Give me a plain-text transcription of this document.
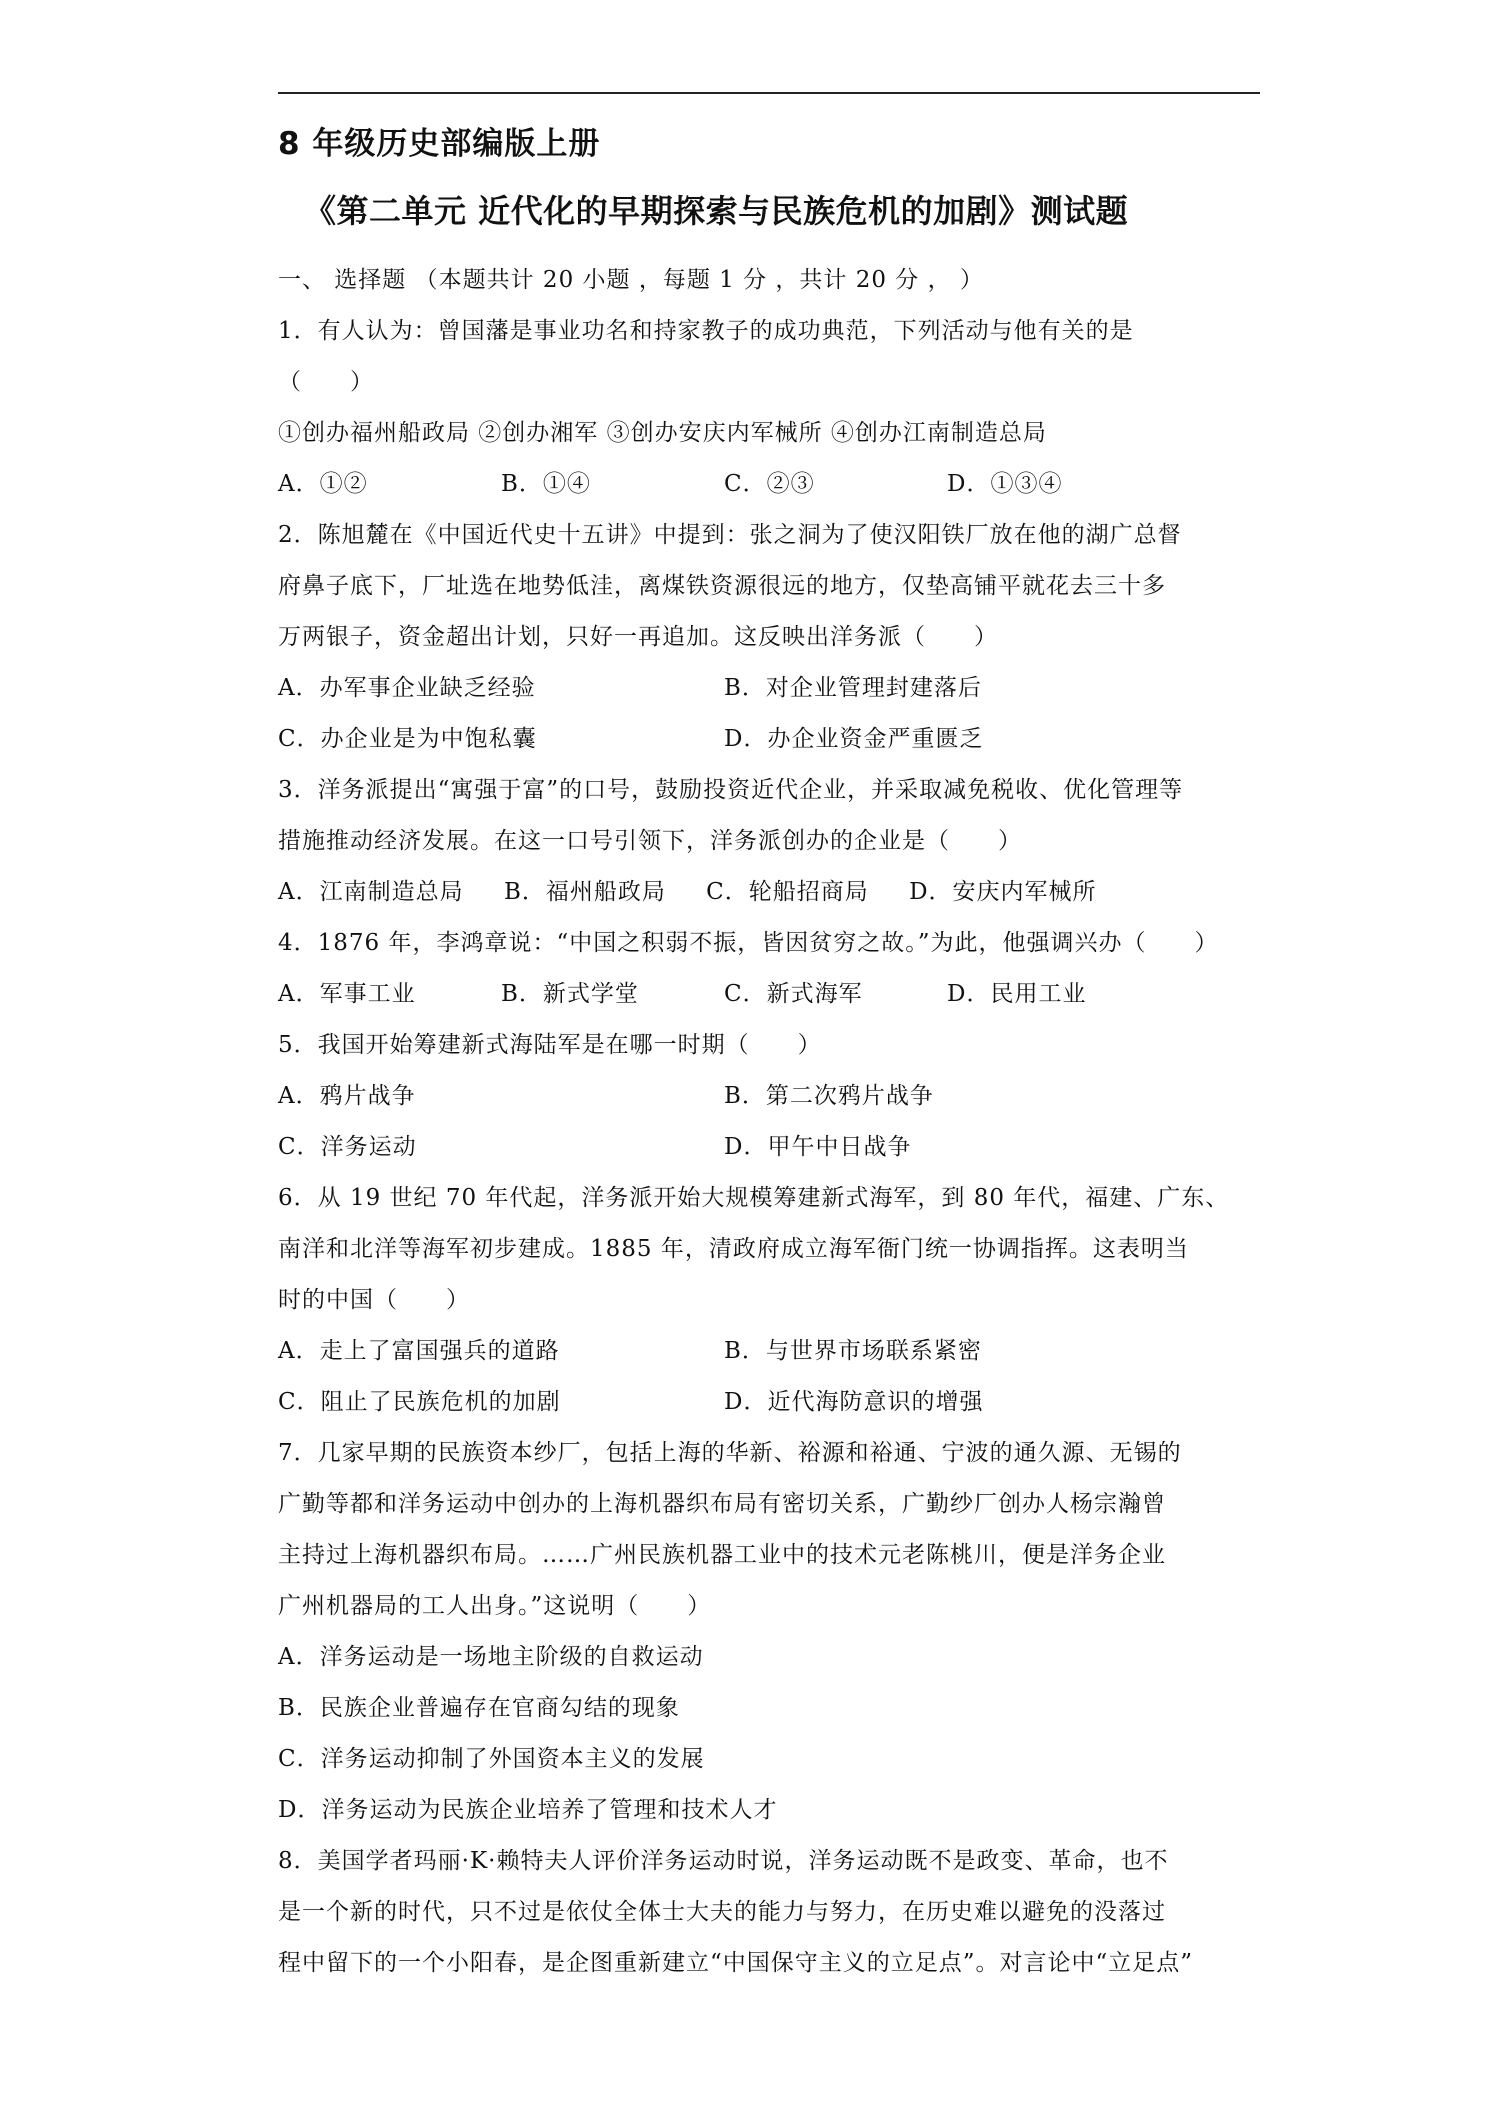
8 年级历史部编版上册
《第二单元 近代化的早期探索与民族危机的加剧》测试题
一、 选择题 （本题共计 20 小题 ，每题 1 分 ，共计 20 分 ， ）
1．有人认为：曾国藩是事业功名和持家教子的成功典范，下列活动与他有关的是
（　　）
①创办福州船政局 ②创办湘军 ③创办安庆内军械所 ④创办江南制造总局
A．①②	B．①④	C．②③	D．①③④
2．陈旭麓在《中国近代史十五讲》中提到：张之洞为了使汉阳铁厂放在他的湖广总督
府鼻子底下，厂址选在地势低洼，离煤铁资源很远的地方，仅垫高铺平就花去三十多
万两银子，资金超出计划，只好一再追加。这反映出洋务派（　　）
A．办军事企业缺乏经验	B．对企业管理封建落后
C．办企业是为中饱私囊	D．办企业资金严重匮乏
3．洋务派提出“寓强于富”的口号，鼓励投资近代企业，并采取减免税收、优化管理等
措施推动经济发展。在这一口号引领下，洋务派创办的企业是（　　）
A．江南制造总局 B．福州船政局 C．轮船招商局 D．安庆内军械所
4．1876 年，李鸿章说：“中国之积弱不振，皆因贫穷之故。”为此，他强调兴办（　　）
A．军事工业	B．新式学堂	C．新式海军	D．民用工业
5．我国开始筹建新式海陆军是在哪一时期（　　）
A．鸦片战争	B．第二次鸦片战争
C．洋务运动	D．甲午中日战争
6．从 19 世纪 70 年代起，洋务派开始大规模筹建新式海军，到 80 年代，福建、广东、
南洋和北洋等海军初步建成。1885 年，清政府成立海军衙门统一协调指挥。这表明当
时的中国（　　）
A．走上了富国强兵的道路	B．与世界市场联系紧密
C．阻止了民族危机的加剧	D．近代海防意识的增强
7．几家早期的民族资本纱厂，包括上海的华新、裕源和裕通、宁波的通久源、无锡的
广勤等都和洋务运动中创办的上海机器织布局有密切关系，广勤纱厂创办人杨宗瀚曾
主持过上海机器织布局。……广州民族机器工业中的技术元老陈桃川，便是洋务企业
广州机器局的工人出身。”这说明（　　）
A．洋务运动是一场地主阶级的自救运动
B．民族企业普遍存在官商勾结的现象
C．洋务运动抑制了外国资本主义的发展
D．洋务运动为民族企业培养了管理和技术人才
8．美国学者玛丽·K·赖特夫人评价洋务运动时说，洋务运动既不是政变、革命，也不
是一个新的时代，只不过是依仗全体士大夫的能力与努力，在历史难以避免的没落过
程中留下的一个小阳春，是企图重新建立“中国保守主义的立足点”。对言论中“立足点”
